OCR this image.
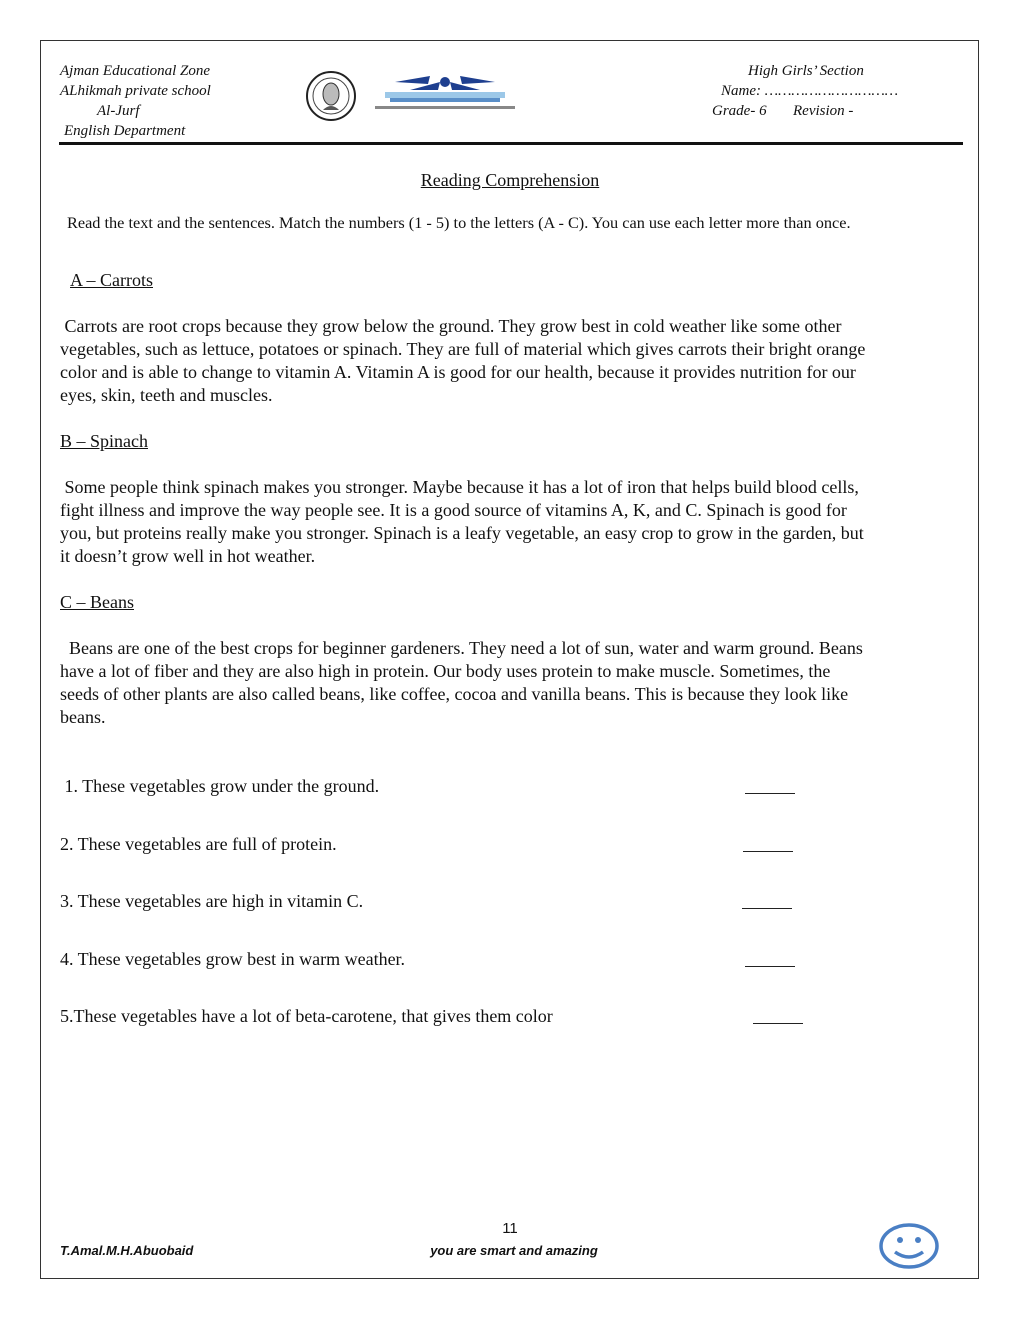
Ajman Educational Zone
ALhikmah private school
Al-Jurf
English Department
High Girls’ Section
Name: …………………………
Grade- 6 Revision -
Reading Comprehension
Read the text and the sentences. Match the numbers (1 - 5) to the letters (A - C). You can use each letter more than once.
A – Carrots
Carrots are root crops because they grow below the ground. They grow best in cold weather like some other
vegetables, such as lettuce, potatoes or spinach. They are full of material which gives carrots their bright orange
color and is able to change to vitamin A. Vitamin A is good for our health, because it provides nutrition for our
eyes, skin, teeth and muscles.
B – Spinach
Some people think spinach makes you stronger. Maybe because it has a lot of iron that helps build blood cells,
fight illness and improve the way people see. It is a good source of vitamins A, K, and C. Spinach is good for
you, but proteins really make you stronger. Spinach is a leafy vegetable, an easy crop to grow in the garden, but
it doesn’t grow well in hot weather.
C – Beans
Beans are one of the best crops for beginner gardeners. They need a lot of sun, water and warm ground. Beans
have a lot of fiber and they are also high in protein. Our body uses protein to make muscle. Sometimes, the
seeds of other plants are also called beans, like coffee, cocoa and vanilla beans. This is because they look like
beans.
1. These vegetables grow under the ground.
2. These vegetables are full of protein.
3. These vegetables are high in vitamin C.
4. These vegetables grow best in warm weather.
5.These vegetables have a lot of beta-carotene, that gives them color
11
T.Amal.M.H.Abuobaid	you are smart and amazing
